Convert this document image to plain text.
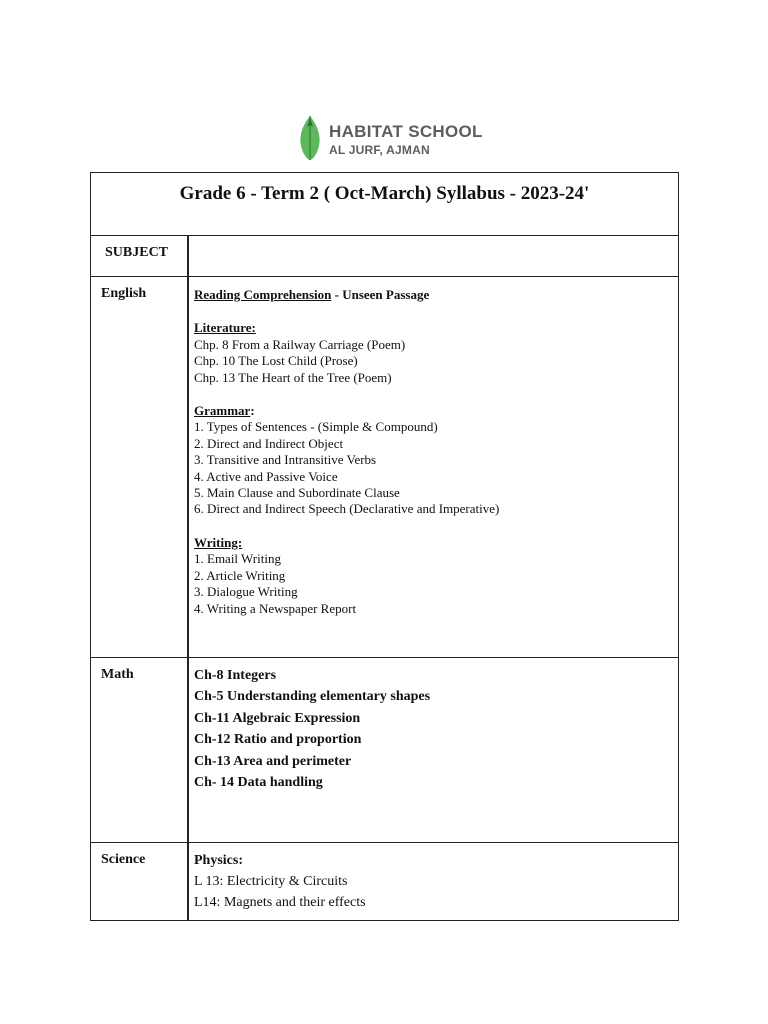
HABITAT SCHOOL
AL JURF, AJMAN
Grade 6 - Term 2 ( Oct-March) Syllabus - 2023-24'
SUBJECT
English	Reading Comprehension - Unseen Passage
Literature:
Chp. 8 From a Railway Carriage (Poem)
Chp. 10 The Lost Child (Prose)
Chp. 13 The Heart of the Tree (Poem)
Grammar:
1. Types of Sentences - (Simple & Compound)
2. Direct and Indirect Object
3. Transitive and Intransitive Verbs
4. Active and Passive Voice
5. Main Clause and Subordinate Clause
6. Direct and Indirect Speech (Declarative and Imperative)
Writing:
1. Email Writing
2. Article Writing
3. Dialogue Writing
4. Writing a Newspaper Report
Math	Ch-8 Integers
Ch-5 Understanding elementary shapes
Ch-11 Algebraic Expression
Ch-12 Ratio and proportion
Ch-13 Area and perimeter
Ch- 14 Data handling
Science	Physics:
L 13: Electricity & Circuits
L14: Magnets and their effects
